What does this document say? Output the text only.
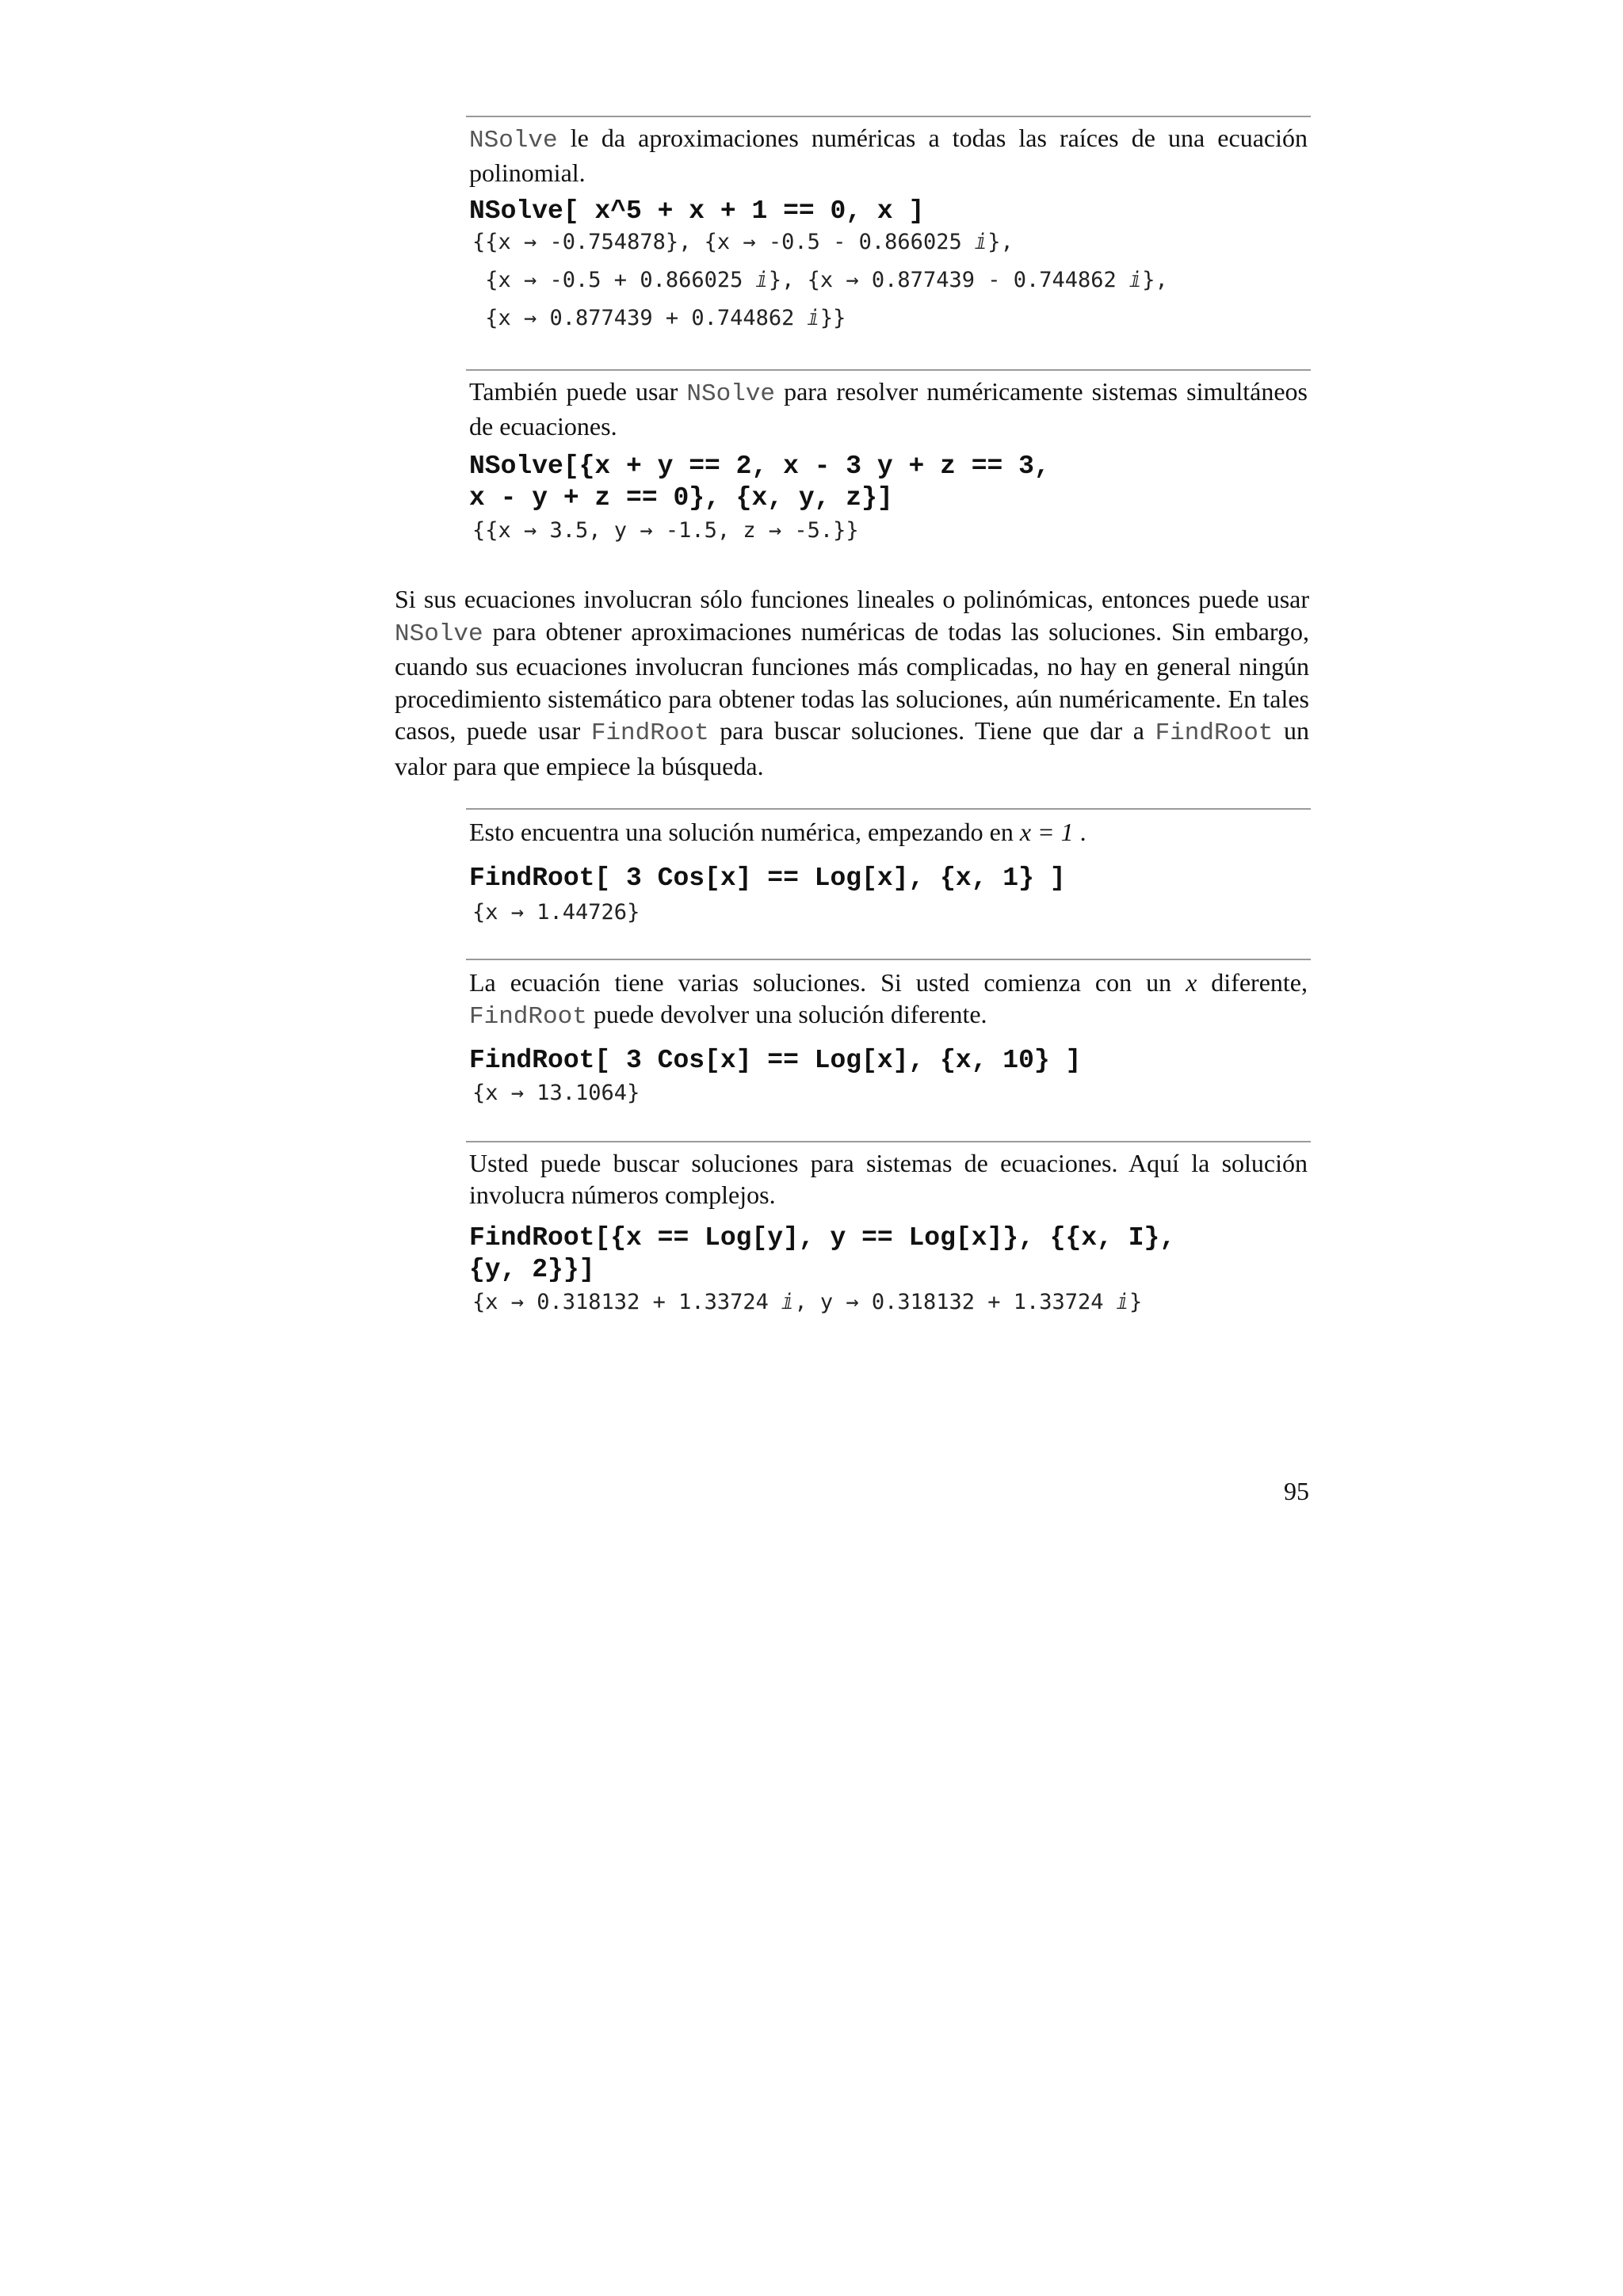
NSolve le da aproximaciones numéricas a todas las raíces de una ecuación polinomial.
NSolve[ x^5 + x + 1 == 0, x ]
{{x → -0.754878}, {x → -0.5 - 0.866025 ⅈ},
{x → -0.5 + 0.866025 ⅈ}, {x → 0.877439 - 0.744862 ⅈ},
{x → 0.877439 + 0.744862 ⅈ}}
También puede usar NSolve para resolver numéricamente sistemas simultáneos de ecuaciones.
NSolve[{x + y == 2, x - 3 y + z == 3,
x - y + z == 0}, {x, y, z}]
{{x → 3.5, y → -1.5, z → -5.}}
Si sus ecuaciones involucran sólo funciones lineales o polinómicas, entonces puede usar NSolve para obtener aproximaciones numéricas de todas las soluciones. Sin embargo, cuando sus ecuaciones involucran funciones más complicadas, no hay en general ningún procedimiento sistemático para obtener todas las soluciones, aún numéricamente. En tales casos, puede usar FindRoot para buscar soluciones. Tiene que dar a FindRoot un valor para que empiece la búsqueda.
Esto encuentra una solución numérica, empezando en x = 1 .
FindRoot[ 3 Cos[x] == Log[x], {x, 1} ]
{x → 1.44726}
La ecuación tiene varias soluciones. Si usted comienza con un x diferente, FindRoot puede devolver una solución diferente.
FindRoot[ 3 Cos[x] == Log[x], {x, 10} ]
{x → 13.1064}
Usted puede buscar soluciones para sistemas de ecuaciones. Aquí la solución involucra números complejos.
FindRoot[{x == Log[y], y == Log[x]}, {{x, I},
{y, 2}}]
{x → 0.318132 + 1.33724 ⅈ, y → 0.318132 + 1.33724 ⅈ}
95
